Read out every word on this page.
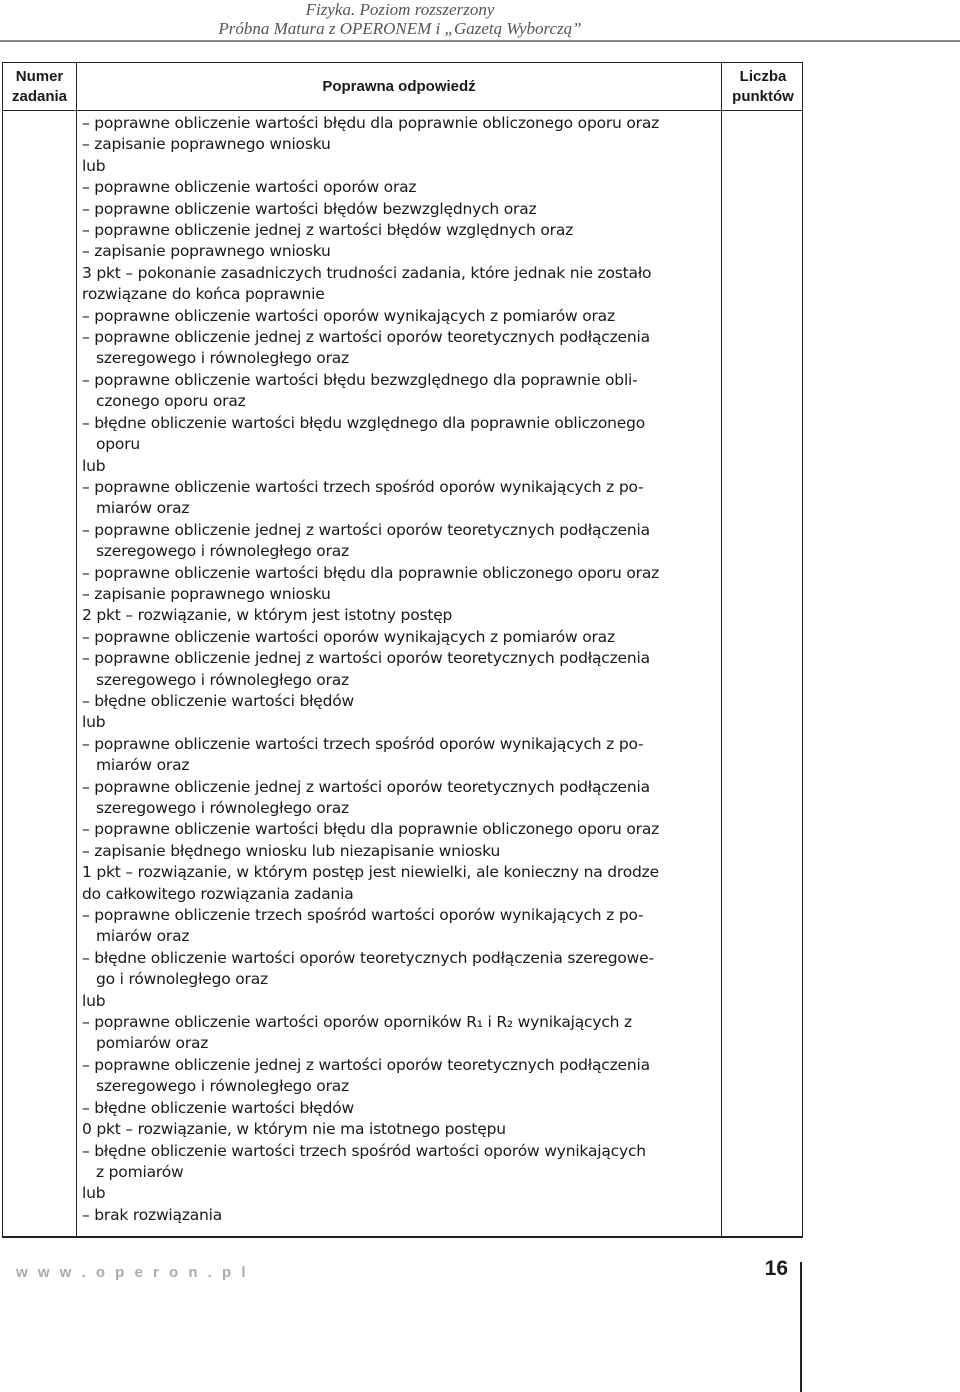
Fizyka. Poziom rozszerzony
Próbna Matura z OPERONEM i „Gazetą Wyborczą”
Numer
zadania
Poprawna odpowiedź
Liczba
punktów
– poprawne obliczenie wartości błędu dla poprawnie obliczonego oporu oraz
– zapisanie poprawnego wniosku
lub
– poprawne obliczenie wartości oporów oraz
– poprawne obliczenie wartości błędów bezwzględnych oraz
– poprawne obliczenie jednej z wartości błędów względnych oraz
– zapisanie poprawnego wniosku
3 pkt – pokonanie zasadniczych trudności zadania, które jednak nie zostało
rozwiązane do końca poprawnie
– poprawne obliczenie wartości oporów wynikających z pomiarów oraz
– poprawne obliczenie jednej z wartości oporów teoretycznych podłączenia
szeregowego i równoległego oraz
– poprawne obliczenie wartości błędu bezwzględnego dla poprawnie obli-
czonego oporu oraz
– błędne obliczenie wartości błędu względnego dla poprawnie obliczonego
oporu
lub
– poprawne obliczenie wartości trzech spośród oporów wynikających z po-
miarów oraz
– poprawne obliczenie jednej z wartości oporów teoretycznych podłączenia
szeregowego i równoległego oraz
– poprawne obliczenie wartości błędu dla poprawnie obliczonego oporu oraz
– zapisanie poprawnego wniosku
2 pkt – rozwiązanie, w którym jest istotny postęp
– poprawne obliczenie wartości oporów wynikających z pomiarów oraz
– poprawne obliczenie jednej z wartości oporów teoretycznych podłączenia
szeregowego i równoległego oraz
– błędne obliczenie wartości błędów
lub
– poprawne obliczenie wartości trzech spośród oporów wynikających z po-
miarów oraz
– poprawne obliczenie jednej z wartości oporów teoretycznych podłączenia
szeregowego i równoległego oraz
– poprawne obliczenie wartości błędu dla poprawnie obliczonego oporu oraz
– zapisanie błędnego wniosku lub niezapisanie wniosku
1 pkt – rozwiązanie, w którym postęp jest niewielki, ale konieczny na drodze
do całkowitego rozwiązania zadania
– poprawne obliczenie trzech spośród wartości oporów wynikających z po-
miarów oraz
– błędne obliczenie wartości oporów teoretycznych podłączenia szeregowe-
go i równoległego oraz
lub
– poprawne obliczenie wartości oporów oporników R₁ i R₂ wynikających z
pomiarów oraz
– poprawne obliczenie jednej z wartości oporów teoretycznych podłączenia
szeregowego i równoległego oraz
– błędne obliczenie wartości błędów
0 pkt – rozwiązanie, w którym nie ma istotnego postępu
– błędne obliczenie wartości trzech spośród wartości oporów wynikających
z pomiarów
lub
– brak rozwiązania
w w w . o p e r o n . p l	16
